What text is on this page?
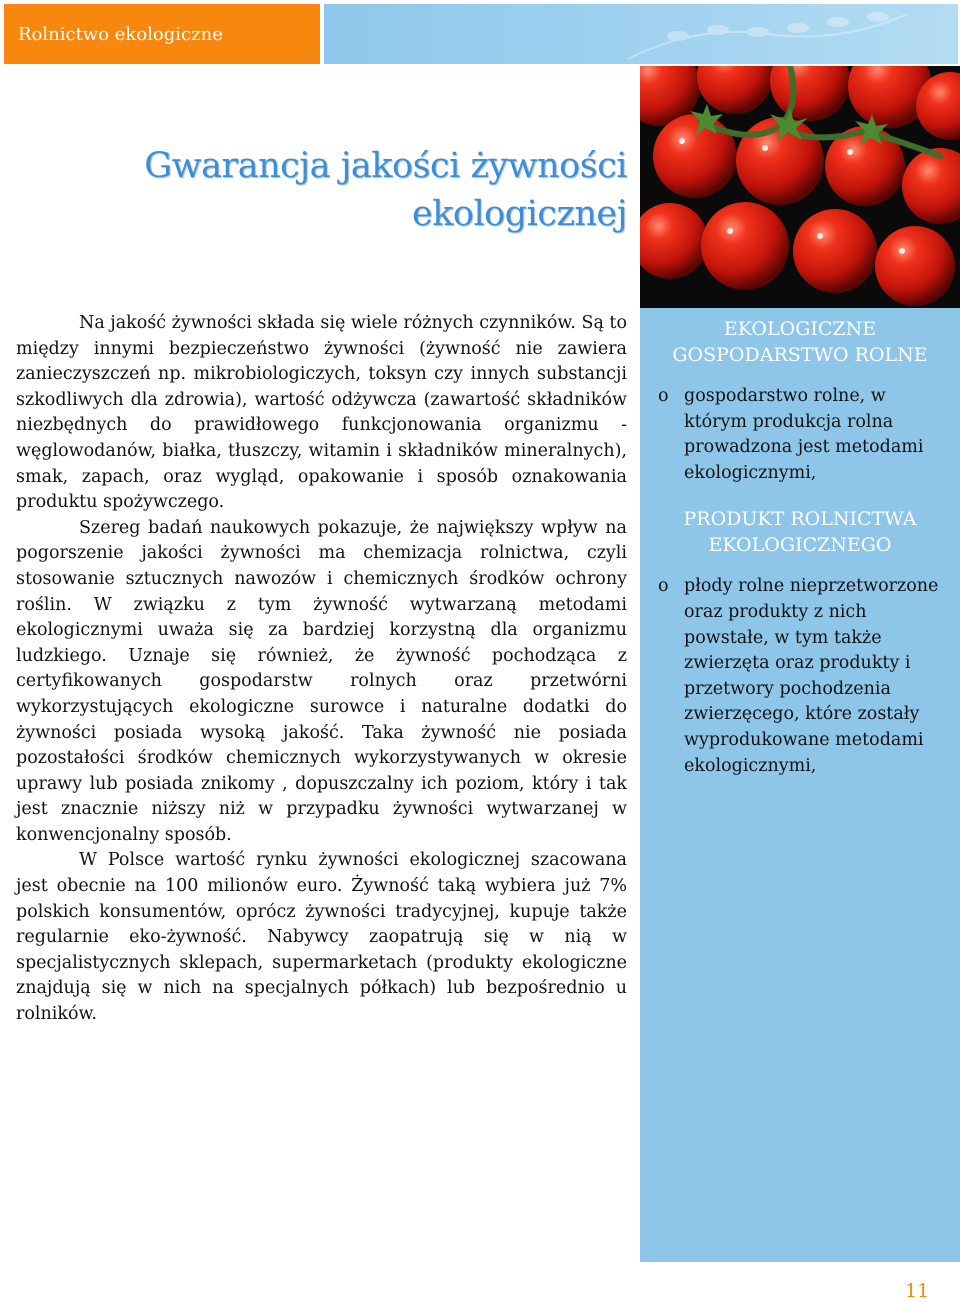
Rolnictwo ekologiczne
Gwarancja jakości żywności
ekologicznej
EKOLOGICZNE GOSPODARSTWO ROLNE
o gospodarstwo rolne, w którym produkcja rolna prowadzona jest metodami ekologicznymi,
PRODUKT ROLNICTWA EKOLOGICZNEGO
o płody rolne nieprzetworzone oraz produkty z nich powstałe, w tym także zwierzęta oraz produkty i przetwory pochodzenia zwierzęcego, które zostały wyprodukowane metodami ekologicznymi,

Na jakość żywności składa się wiele różnych czynników. Są to między innymi bezpieczeństwo żywności (żywność nie zawiera zanieczyszczeń np. mikrobiologiczych, toksyn czy innych substancji szkodliwych dla zdrowia), wartość odżywcza (zawartość składników niezbędnych do prawidłowego funkcjonowania organizmu - węglowodanów, białka, tłuszczy, witamin i składników mineralnych), smak, zapach, oraz wygląd, opakowanie i sposób oznakowania produktu spożywczego.

Szereg badań naukowych pokazuje, że największy wpływ na pogorszenie jakości żywności ma chemizacja rolnictwa, czyli stosowanie sztucznych nawozów i chemicznych środków ochrony roślin. W związku z tym żywność wytwarzaną metodami ekologicznymi uważa się za bardziej korzystną dla organizmu ludzkiego. Uznaje się również, że żywność pochodząca z certyfikowanych gospodarstw rolnych oraz przetwórni wykorzystujących ekologiczne surowce i naturalne dodatki do żywności posiada wysoką jakość. Taka żywność nie posiada pozostałości środków chemicznych wykorzystywanych w okresie uprawy lub posiada znikomy , dopuszczalny ich poziom, który i tak jest znacznie niższy niż w przypadku żywności wytwarzanej w konwencjonalny sposób.

W Polsce wartość rynku żywności ekologicznej szacowana jest obecnie na 100 milionów euro. Żywność taką wybiera już 7% polskich konsumentów, oprócz żywności tradycyjnej, kupuje także regularnie eko-żywność. Nabywcy zaopatrują się w nią w specjalistycznych sklepach, supermarketach (produkty ekologiczne znajdują się w nich na specjalnych półkach) lub bezpośrednio u rolników.

11
